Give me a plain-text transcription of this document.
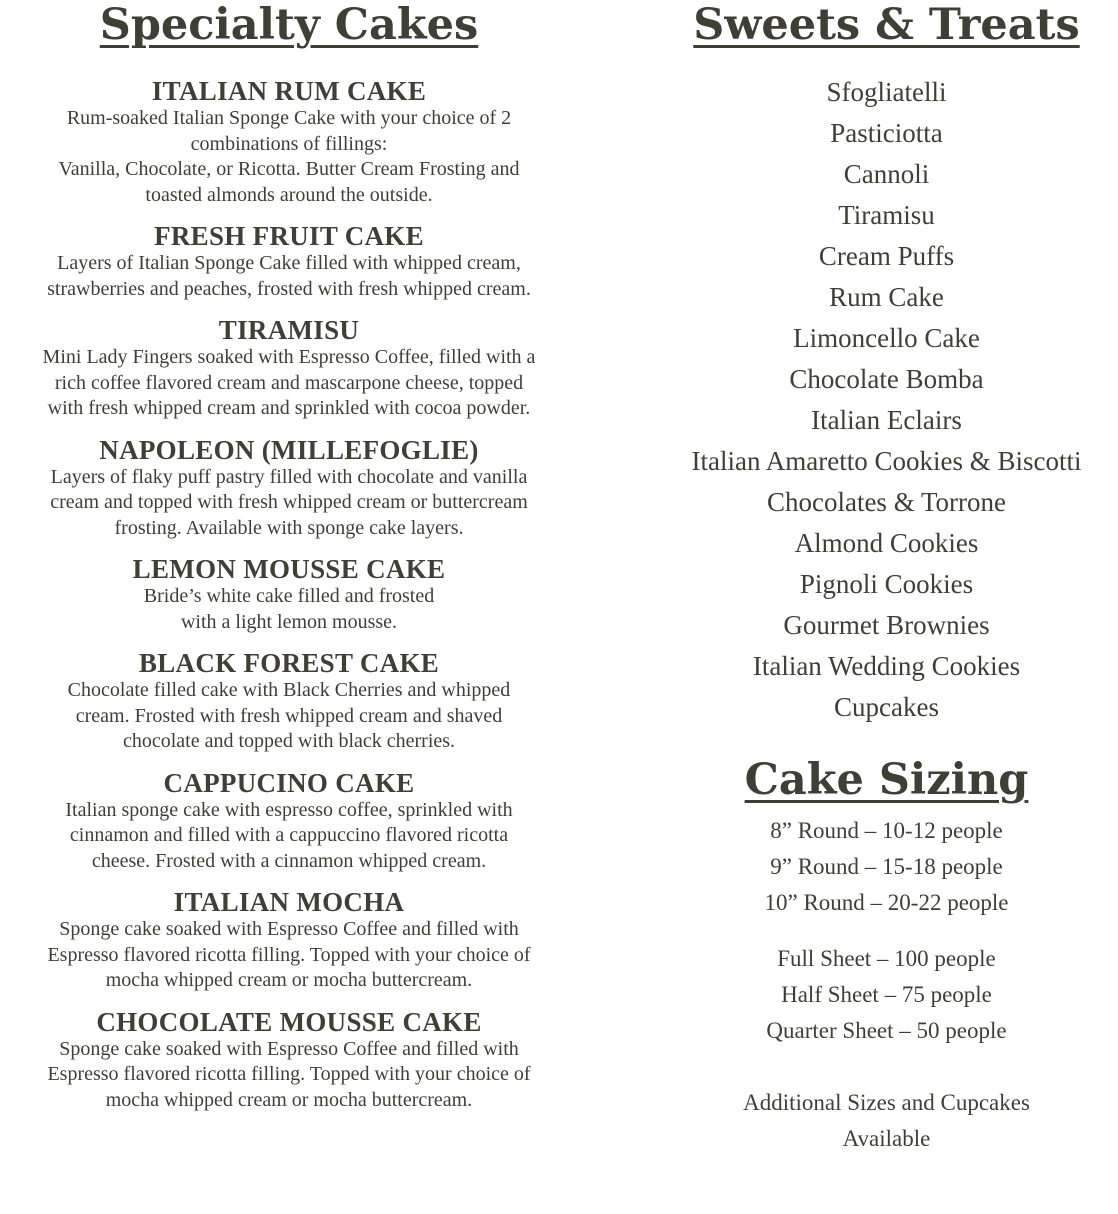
Specialty Cakes
ITALIAN RUM CAKE

Rum-soaked Italian Sponge Cake with your choice of 2
combinations of fillings:
Vanilla, Chocolate, or Ricotta. Butter Cream Frosting and
toasted almonds around the outside.

FRESH FRUIT CAKE

Layers of Italian Sponge Cake filled with whipped cream,
strawberries and peaches, frosted with fresh whipped cream.

TIRAMISU

Mini Lady Fingers soaked with Espresso Coffee, filled with a
rich coffee flavored cream and mascarpone cheese, topped
with fresh whipped cream and sprinkled with cocoa powder.

NAPOLEON (MILLEFOGLIE)

Layers of flaky puff pastry filled with chocolate and vanilla
cream and topped with fresh whipped cream or buttercream
frosting. Available with sponge cake layers.

LEMON MOUSSE CAKE

Bride’s white cake filled and frosted
with a light lemon mousse.

BLACK FOREST CAKE

Chocolate filled cake with Black Cherries and whipped
cream. Frosted with fresh whipped cream and shaved
chocolate and topped with black cherries.

CAPPUCINO CAKE

Italian sponge cake with espresso coffee, sprinkled with
cinnamon and filled with a cappuccino flavored ricotta
cheese. Frosted with a cinnamon whipped cream.

ITALIAN MOCHA

Sponge cake soaked with Espresso Coffee and filled with
Espresso flavored ricotta filling. Topped with your choice of
mocha whipped cream or mocha buttercream.

CHOCOLATE MOUSSE CAKE

Sponge cake soaked with Espresso Coffee and filled with
Espresso flavored ricotta filling. Topped with your choice of
mocha whipped cream or mocha buttercream.

Sweets & Treats
Sfogliatelli
Pasticiotta
Cannoli
Tiramisu
Cream Puffs
Rum Cake
Limoncello Cake
Chocolate Bomba
Italian Eclairs
Italian Amaretto Cookies & Biscotti
Chocolates & Torrone
Almond Cookies
Pignoli Cookies
Gourmet Brownies
Italian Wedding Cookies
Cupcakes
Cake Sizing
8” Round – 10-12 people
9” Round – 15-18 people
10” Round – 20-22 people
Full Sheet – 100 people
Half Sheet – 75 people
Quarter Sheet – 50 people
Additional Sizes and Cupcakes
Available
